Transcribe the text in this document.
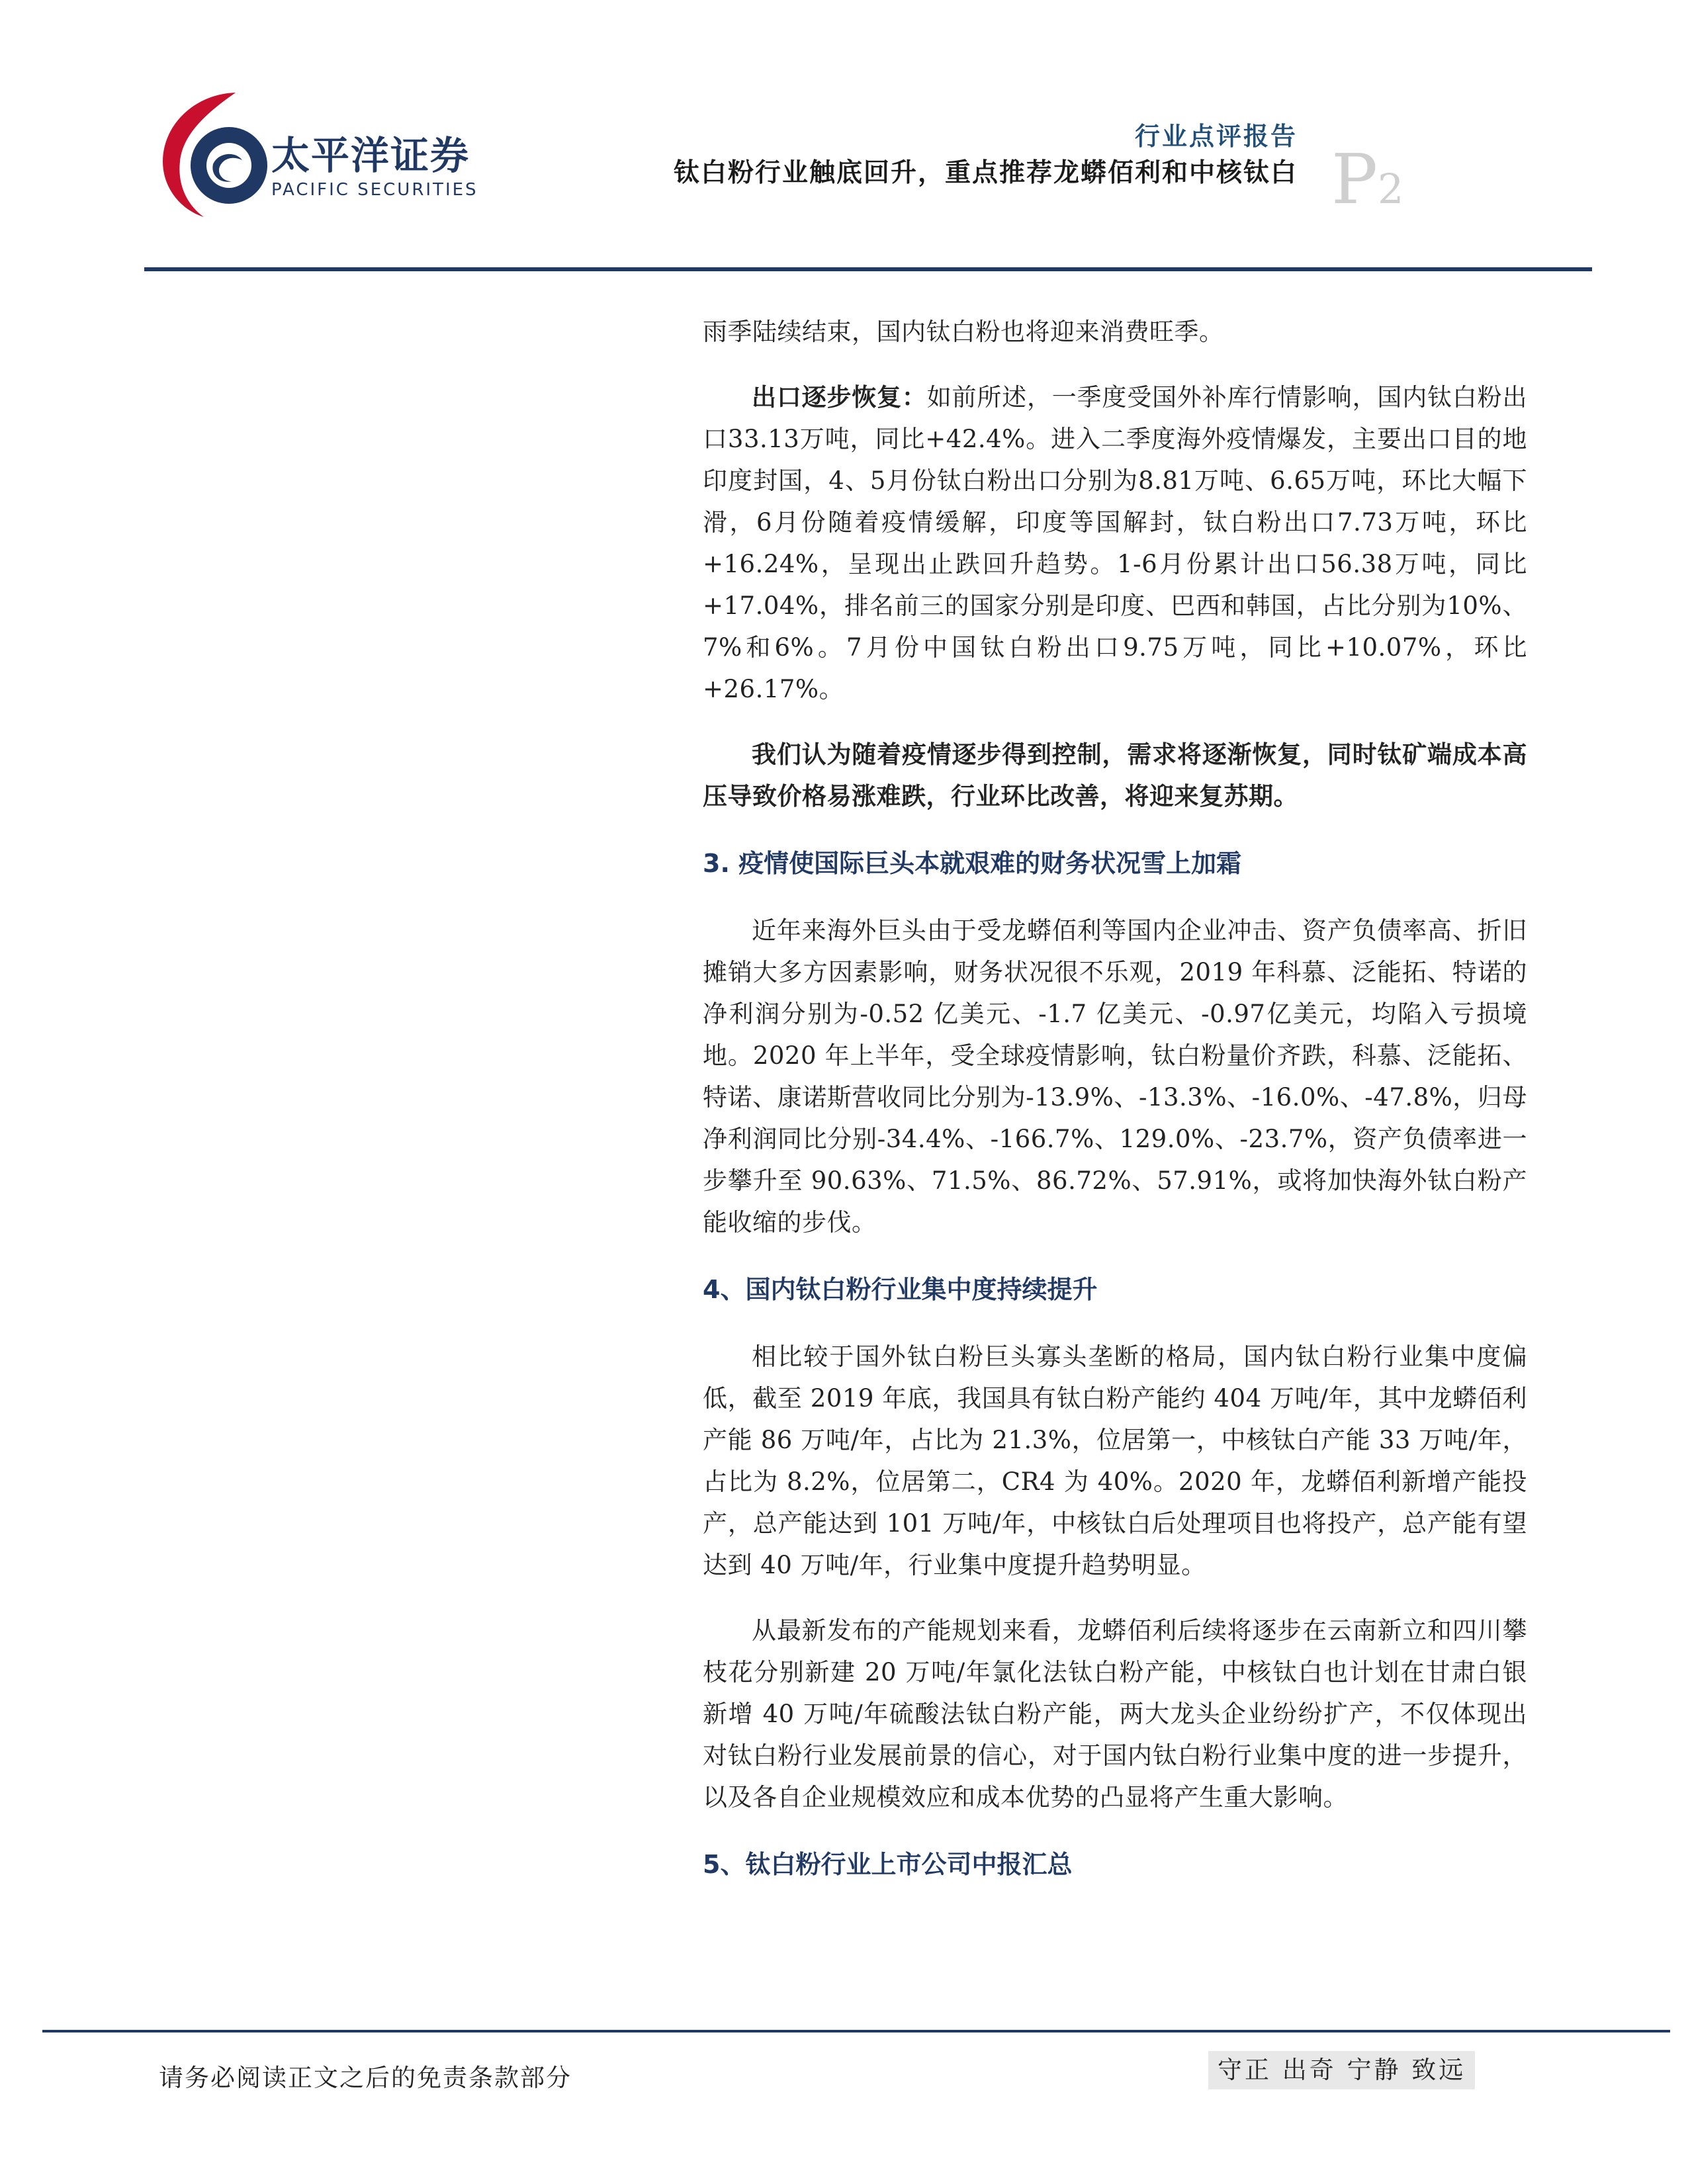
太平洋证券
PACIFIC SECURITIES
行业点评报告
钛白粉行业触底回升，重点推荐龙蟒佰利和中核钛白 P2

雨季陆续结束，国内钛白粉也将迎来消费旺季。

出口逐步恢复：如前所述，一季度受国外补库行情影响，国内钛白粉出口33.13万吨，同比+42.4%。进入二季度海外疫情爆发，主要出口目的地印度封国，4、5月份钛白粉出口分别为8.81万吨、6.65万吨，环比大幅下滑，6月份随着疫情缓解，印度等国解封，钛白粉出口7.73万吨，环比+16.24%，呈现出止跌回升趋势。1-6月份累计出口56.38万吨，同比+17.04%，排名前三的国家分别是印度、巴西和韩国，占比分别为10%、7%和6%。7月份中国钛白粉出口9.75万吨，同比+10.07%，环比+26.17%。

我们认为随着疫情逐步得到控制，需求将逐渐恢复，同时钛矿端成本高压导致价格易涨难跌，行业环比改善，将迎来复苏期。

3. 疫情使国际巨头本就艰难的财务状况雪上加霜

近年来海外巨头由于受龙蟒佰利等国内企业冲击、资产负债率高、折旧摊销大多方因素影响，财务状况很不乐观，2019 年科慕、泛能拓、特诺的净利润分别为-0.52 亿美元、-1.7 亿美元、-0.97亿美元，均陷入亏损境地。2020 年上半年，受全球疫情影响，钛白粉量价齐跌，科慕、泛能拓、特诺、康诺斯营收同比分别为-13.9%、-13.3%、-16.0%、-47.8%，归母净利润同比分别-34.4%、-166.7%、129.0%、-23.7%，资产负债率进一步攀升至 90.63%、71.5%、86.72%、57.91%，或将加快海外钛白粉产能收缩的步伐。

4、国内钛白粉行业集中度持续提升

相比较于国外钛白粉巨头寡头垄断的格局，国内钛白粉行业集中度偏低，截至 2019 年底，我国具有钛白粉产能约 404 万吨/年，其中龙蟒佰利产能 86 万吨/年，占比为 21.3%，位居第一，中核钛白产能 33 万吨/年，占比为 8.2%，位居第二，CR4 为 40%。2020 年，龙蟒佰利新增产能投产，总产能达到 101 万吨/年，中核钛白后处理项目也将投产，总产能有望达到 40 万吨/年，行业集中度提升趋势明显。

从最新发布的产能规划来看，龙蟒佰利后续将逐步在云南新立和四川攀枝花分别新建 20 万吨/年氯化法钛白粉产能，中核钛白也计划在甘肃白银新增 40 万吨/年硫酸法钛白粉产能，两大龙头企业纷纷扩产，不仅体现出对钛白粉行业发展前景的信心，对于国内钛白粉行业集中度的进一步提升，以及各自企业规模效应和成本优势的凸显将产生重大影响。

5、钛白粉行业上市公司中报汇总

请务必阅读正文之后的免责条款部分	守正 出奇 宁静 致远
